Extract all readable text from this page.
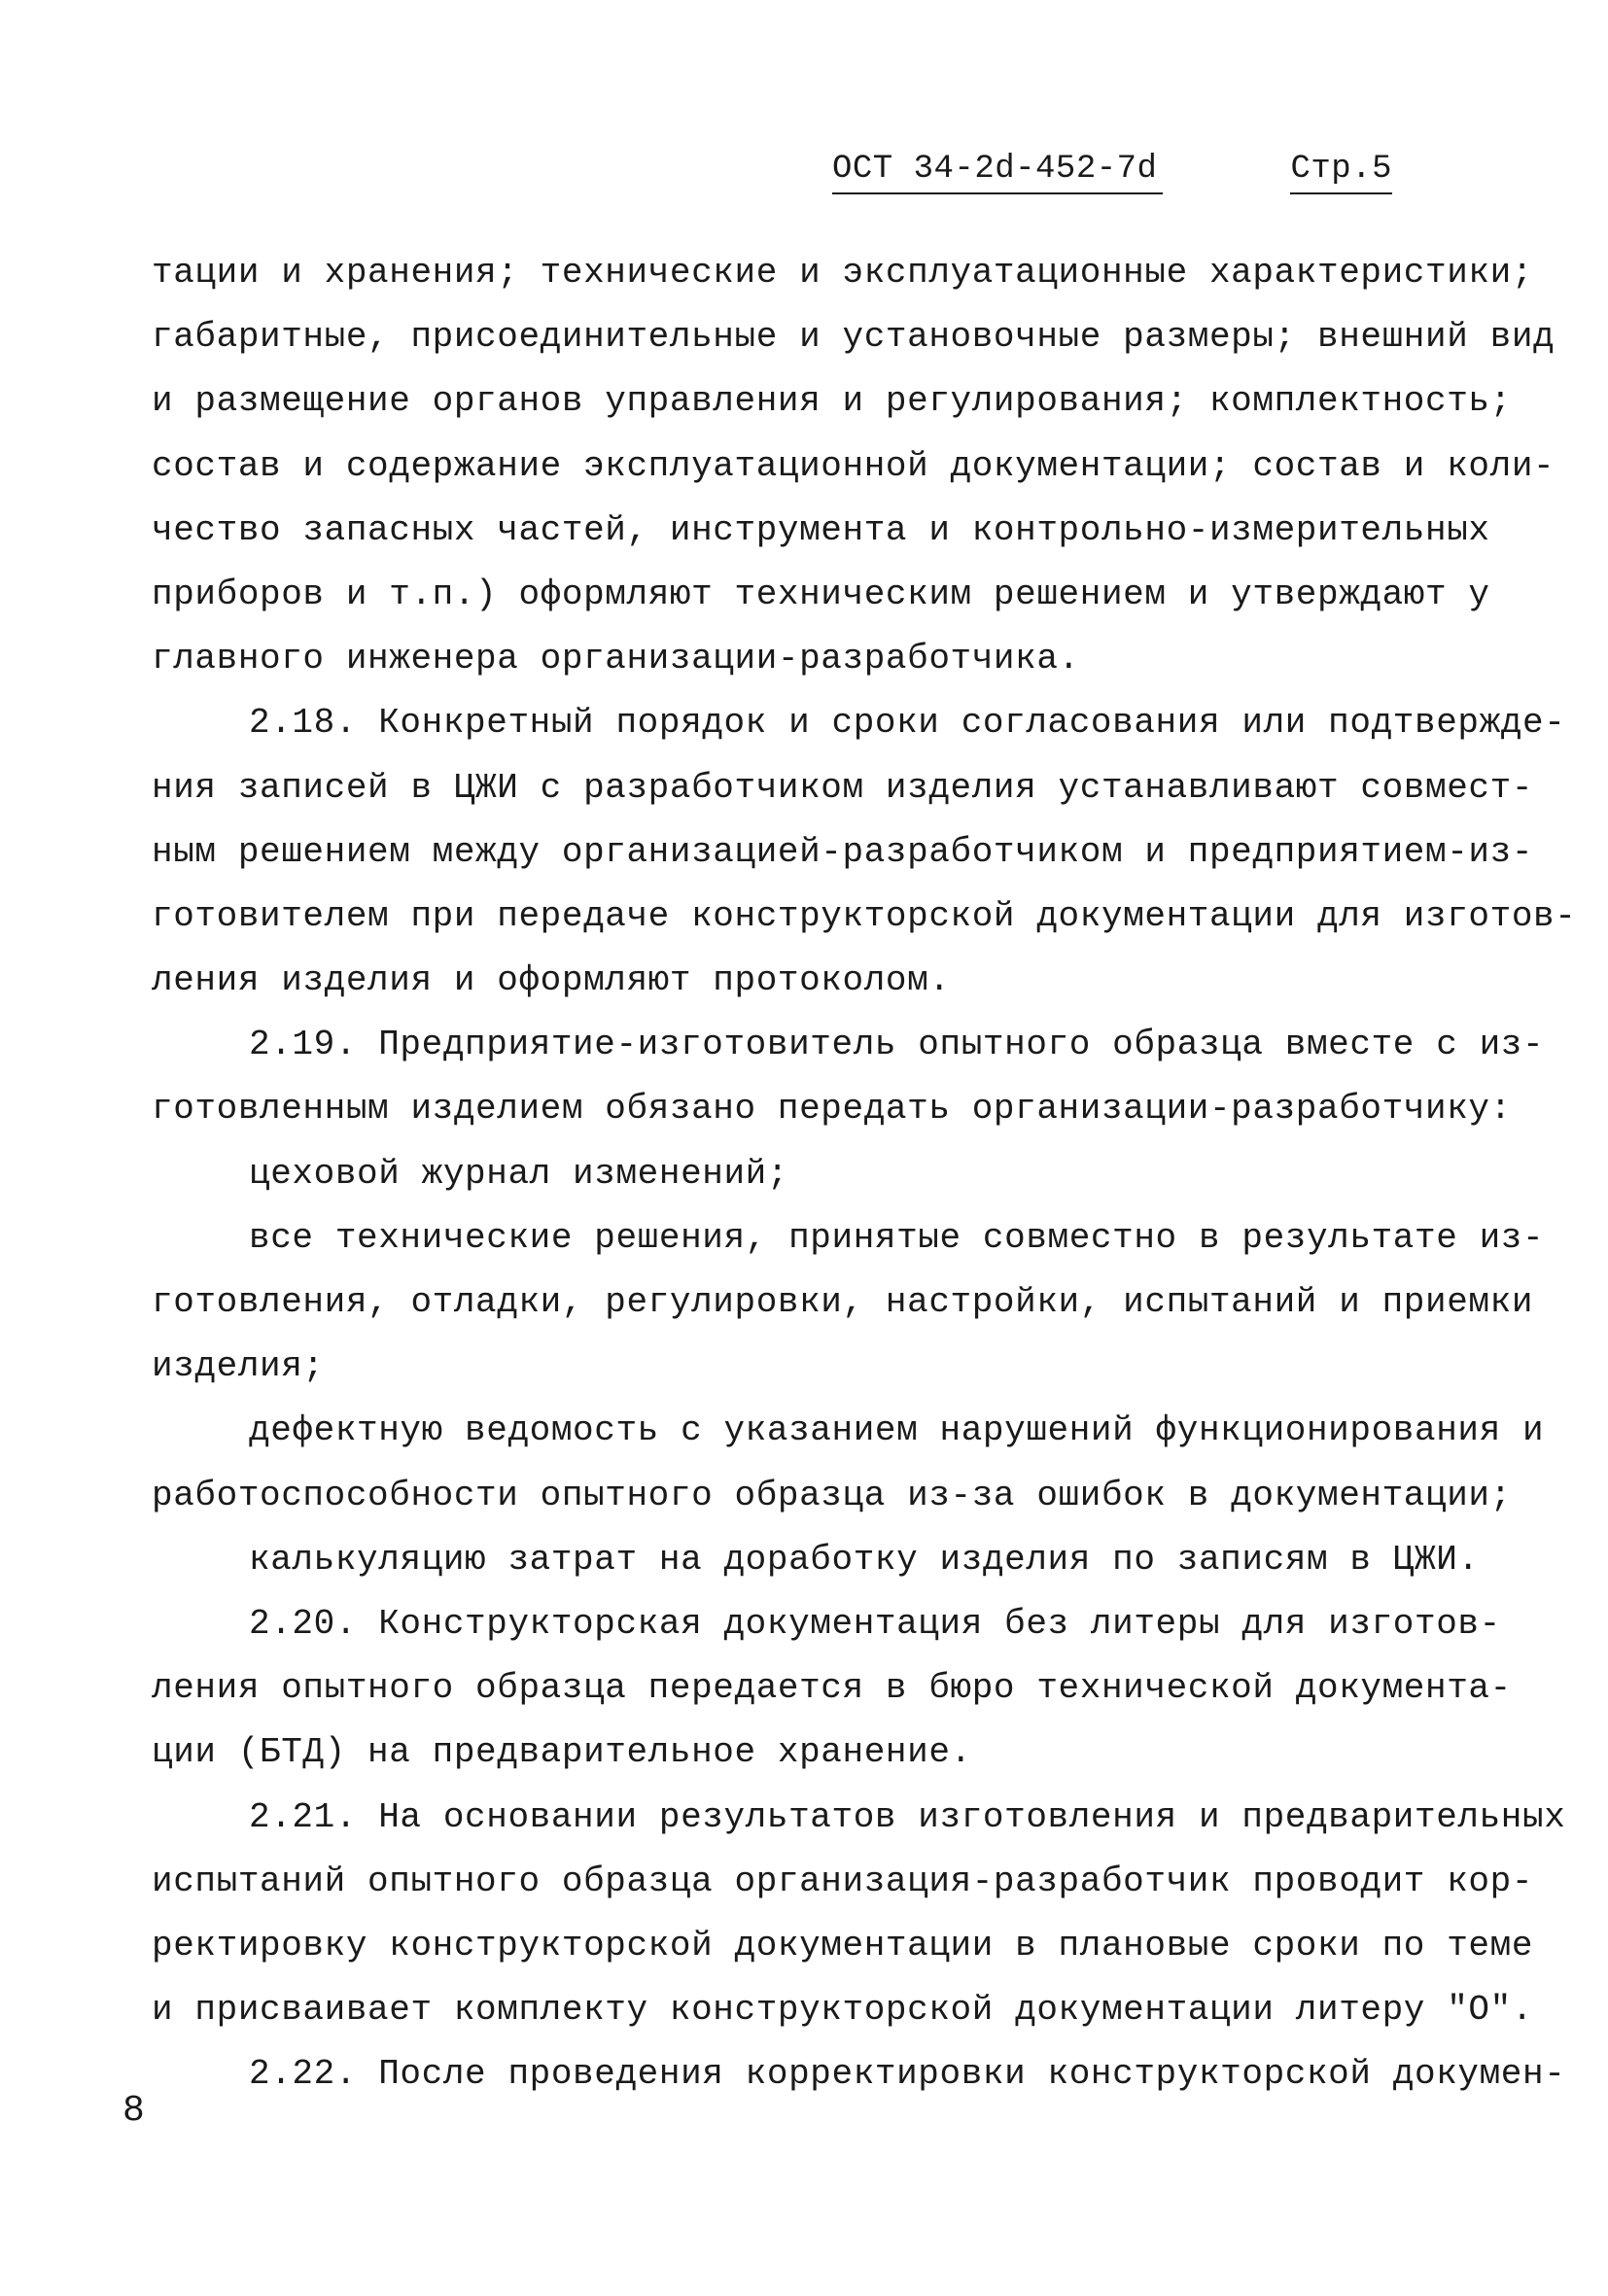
ОСТ 34-2d-452-7d	Стр.5
тации и хранения; технические и эксплуатационные характеристики;
габаритные, присоединительные и установочные размеры; внешний вид
и размещение органов управления и регулирования; комплектность;
состав и содержание эксплуатационной документации; состав и коли-
чество запасных частей, инструмента и контрольно-измерительных
приборов и т.п.) оформляют техническим решением и утверждают у
главного инженера организации-разработчика.
2.18. Конкретный порядок и сроки согласования или подтвержде-
ния записей в ЦЖИ с разработчиком изделия устанавливают совмест-
ным решением между организацией-разработчиком и предприятием-из-
готовителем при передаче конструкторской документации для изготов-
ления изделия и оформляют протоколом.
2.19. Предприятие-изготовитель опытного образца вместе с из-
готовленным изделием обязано передать организации-разработчику:
цеховой журнал изменений;
все технические решения, принятые совместно в результате из-
готовления, отладки, регулировки, настройки, испытаний и приемки
изделия;
дефектную ведомость с указанием нарушений функционирования и
работоспособности опытного образца из-за ошибок в документации;
калькуляцию затрат на доработку изделия по записям в ЦЖИ.
2.20. Конструкторская документация без литеры для изготов-
ления опытного образца передается в бюро технической документа-
ции (БТД) на предварительное хранение.
2.21. На основании результатов изготовления и предварительных
испытаний опытного образца организация-разработчик проводит кор-
ректировку конструкторской документации в плановые сроки по теме
и присваивает комплекту конструкторской документации литеру "О".
2.22. После проведения корректировки конструкторской докумен-
8
